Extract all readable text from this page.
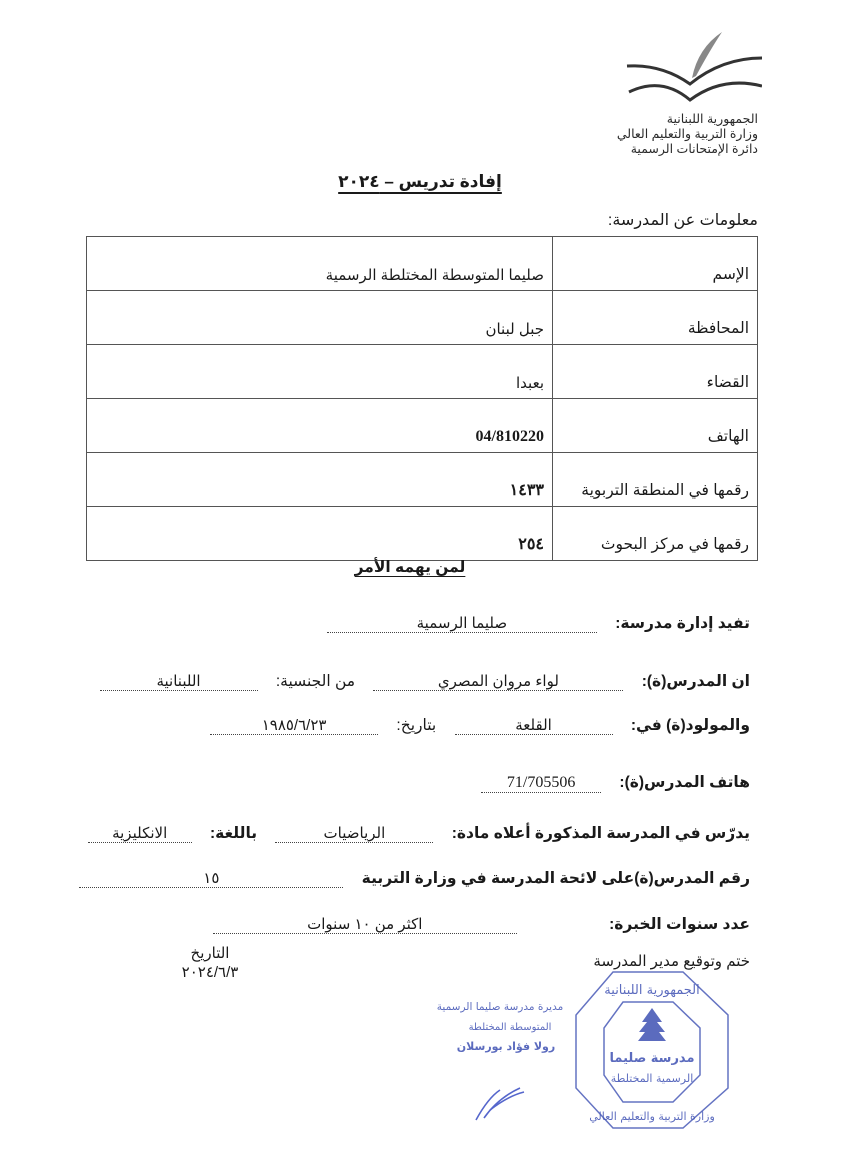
الجمهورية اللبنانية
وزارة التربية والتعليم العالي
دائرة الإمتحانات الرسمية
إفادة تدريس – ٢٠٢٤
معلومات عن المدرسة:
الإسم	صليما المتوسطة المختلطة الرسمية
المحافظة	جبل لبنان
القضاء	بعبدا
الهاتف	04/810220
رقمها في المنطقة التربوية	١٤٣٣
رقمها في مركز البحوث	٢٥٤
لمن يهمه الأمر
تفيد إدارة مدرسة: صليما الرسمية
ان المدرس(ة): لواء مروان المصري من الجنسية: اللبنانية
والمولود(ة) في: القلعة بتاريخ: ١٩٨٥/٦/٢٣
هاتف المدرس(ة): 71/705506
يدرّس في المدرسة المذكورة أعلاه مادة: الرياضيات باللغة: الانكليزية
رقم المدرس(ة)على لائحة المدرسة في وزارة التربية ١٥
عدد سنوات الخبرة: اكثر من ١٠ سنوات
ختم وتوقيع مدير المدرسة
التاريخ
٢٠٢٤/٦/٣
الجمهورية اللبنانية
مدرسة صليما
الرسمية المختلطة
وزارة التربية والتعليم العالي
مديرة مدرسة صليما الرسمية
المتوسطة المختلطة
رولا فؤاد بورسلان
